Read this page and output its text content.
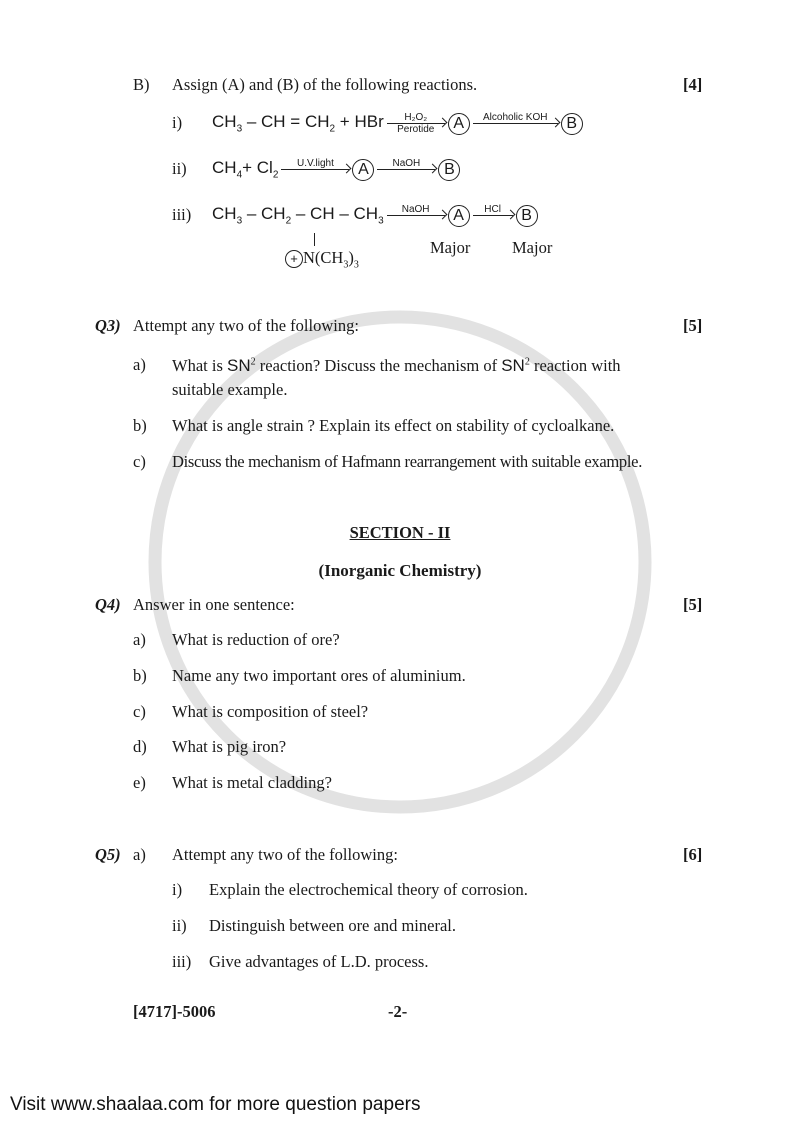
B) Assign (A) and (B) of the following reactions.	[4]
i) $CH_3$ – CH = $CH_2$ + HBr	H₂O₂
Perotide	A	Alcoholic KOH	B
ii) $CH_4+ Cl_2$
U.V.light	A	NaOH	B
iii) $CH_3 - CH_2$ – CH – $CH_3$
NaOH	A	HCl	B
+ $N(CH_3)_3$
Major	Major
Q3) Attempt any two of the following:	[5]
a) What is $SN^2$ reaction? Discuss the mechanism of $SN^2$ reaction with
suitable example.
b) What is angle strain ? Explain its effect on stability of cycloalkane.
c) Discuss the mechanism of Hafmann rearrangement with suitable example.
SECTION - II
(Inorganic Chemistry)
Q4) Answer in one sentence:	[5]
a) What is reduction of ore?
b) Name any two important ores of aluminium.
c) What is composition of steel?
d) What is pig iron?
e) What is metal cladding?
Q5) a) Attempt any two of the following:	[6]
i) Explain the electrochemical theory of corrosion.
ii) Distinguish between ore and mineral.
iii) Give advantages of L.D. process.
[4717]-5006	-2-
Visit www.shaalaa.com for more question papers
